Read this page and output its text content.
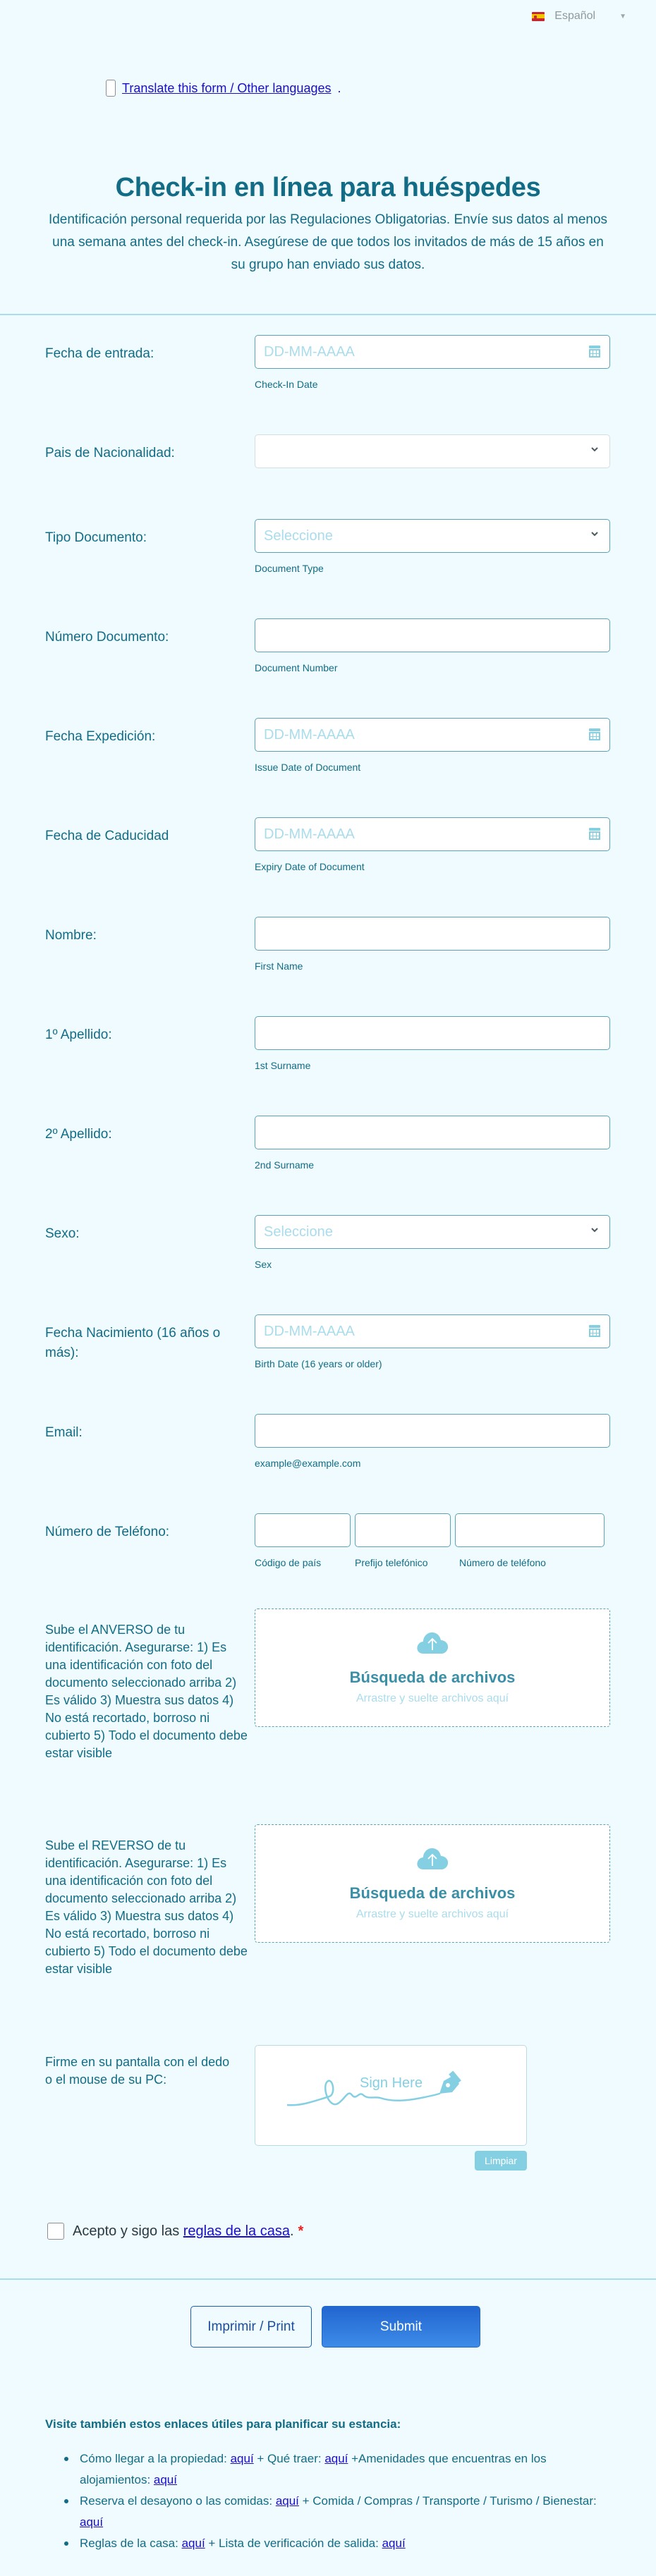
Español	▼
Translate this form / Other languages .
Check-in en línea para huéspedes

Identificación personal requerida por las Regulaciones Obligatorias. Envíe sus datos al menos una semana antes del check-in. Asegúrese de que todos los invitados de más de 15 años en su grupo han enviado sus datos.

Fecha de entrada:	DD-MM-AAAA
Check-In Date
Pais de Nacionalidad:
Tipo Documento:	Seleccione
Document Type
Número Documento:
Document Number
Fecha Expedición:	DD-MM-AAAA
Issue Date of Document
Fecha de Caducidad	DD-MM-AAAA
Expiry Date of Document
Nombre:
First Name
1º Apellido:
1st Surname
2º Apellido:
2nd Surname
Sexo:	Seleccione
Sex
Fecha Nacimiento (16 años o más):
DD-MM-AAAA
Birth Date (16 years or older)
Email:
example@example.com
Número de Teléfono:
Código de país	Prefijo telefónico	Número de teléfono
Sube el ANVERSO de tu identificación. Asegurarse: 1) Es una identificación con foto del documento seleccionado arriba 2) Es válido 3) Muestra sus datos 4) No está recortado, borroso ni cubierto 5) Todo el documento debe estar visible
Búsqueda de archivos
Arrastre y suelte archivos aquí
Sube el REVERSO de tu identificación. Asegurarse: 1) Es una identificación con foto del documento seleccionado arriba 2) Es válido 3) Muestra sus datos 4) No está recortado, borroso ni cubierto 5) Todo el documento debe estar visible
Búsqueda de archivos
Arrastre y suelte archivos aquí
Firme en su pantalla con el dedo o el mouse de su PC:	Sign Here
Limpiar
Acepto y sigo las reglas de la casa. *
Imprimir / Print	Submit
Visite también estos enlaces útiles para planificar su estancia:
Cómo llegar a la propiedad: aquí + Qué traer: aquí +Amenidades que encuentras en los alojamientos: aquí
Reserva el desayono o las comidas: aquí + Comida / Compras / Transporte / Turismo / Bienestar: aquí
Reglas de la casa: aquí + Lista de verificación de salida: aquí
